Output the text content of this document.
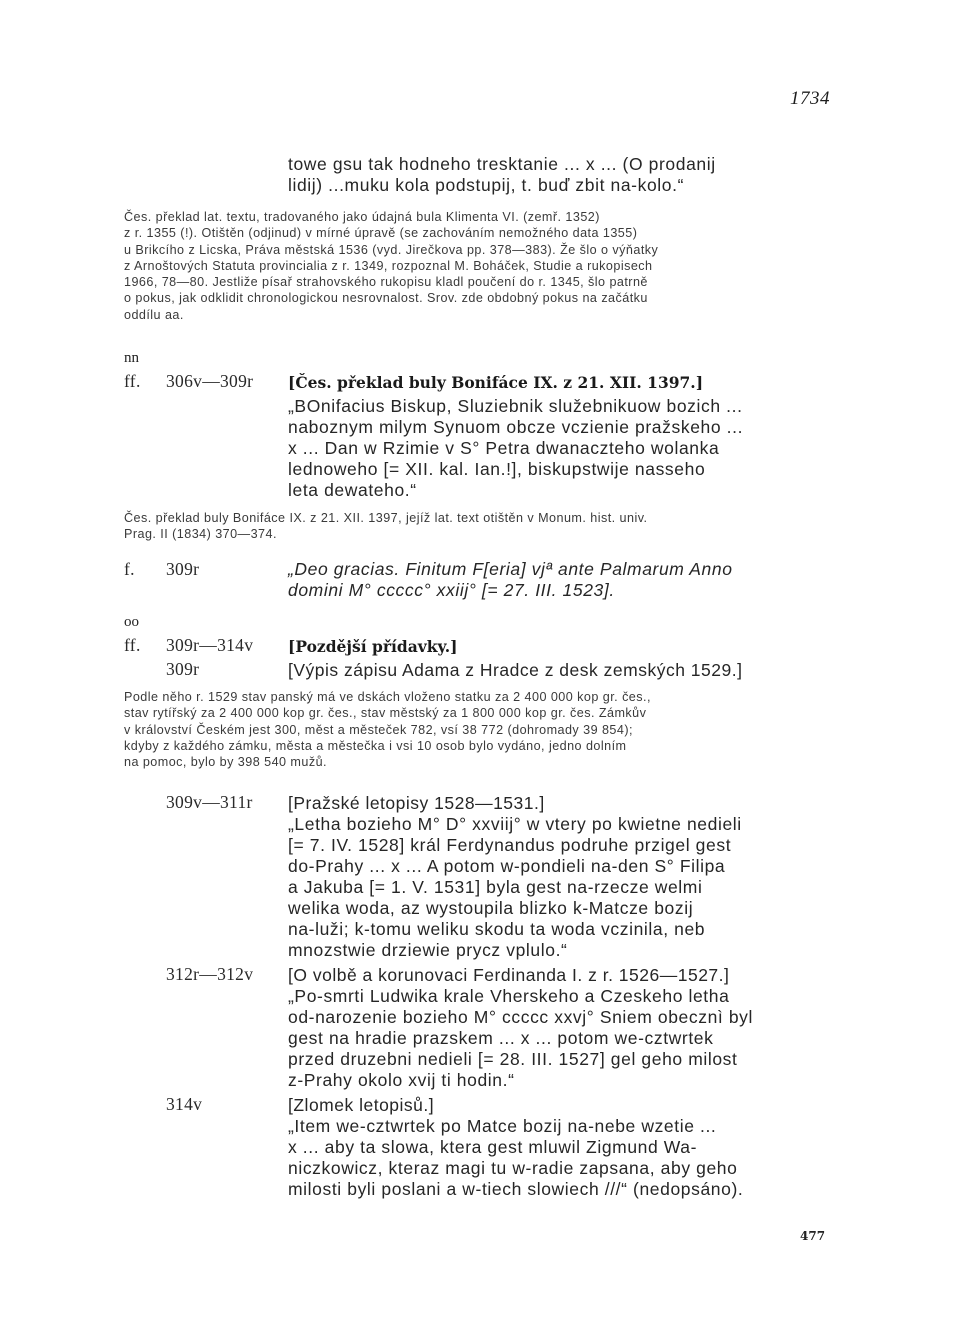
1734

towe gsu tak hodneho tresktanie ... x ... (O prodanij

lidij) ...muku kola podstupij, t. buď zbit na-kolo.“

Čes. překlad lat. textu, tradovaného jako údajná bula Klimenta VI. (zemř. 1352)

z r. 1355 (!). Otištěn (odjinud) v mírné úpravě (se zachováním nemožného data 1355)

u Brikcího z Licska, Práva městská 1536 (vyd. Jirečkova pp. 378—383). Že šlo o výňatky

z Arnoštových Statuta provincialia z r. 1349, rozpoznal M. Boháček, Studie a rukopisech

1966, 78—80. Jestliže písař strahovského rukopisu kladl poučení do r. 1345, šlo patrně

o pokus, jak odklidit chronologickou nesrovnalost. Srov. zde obdobný pokus na začátku

oddílu aa.

nn
ff. 306v—309r [Čes. překlad buly Bonifáce IX. z 21. XII. 1397.]

„BOnifacius Biskup, Sluziebnik služebnikuow bozich ...

naboznym milym Synuom obcze vczienie pražskeho ...

x ... Dan w Rzimie v S° Petra dwanaczteho wolanka

lednoweho [= XII. kal. Ian.!], biskupstwije nasseho

leta dewateho.“

Čes. překlad buly Bonifáce IX. z 21. XII. 1397, jejíž lat. text otištěn v Monum. hist. univ.

Prag. II (1834) 370—374.

f. 309r	„Deo gracias. Finitum F[eria] vjª ante Palmarum Anno

domini M° ccccc° xxiij° [= 27. III. 1523].

oo
ff. 309r—314v [Pozdější přídavky.]
309r	[Výpis zápisu Adama z Hradce z desk zemských 1529.]

Podle něho r. 1529 stav panský má ve dskách vloženo statku za 2 400 000 kop gr. čes.,

stav rytířský za 2 400 000 kop gr. čes., stav městský za 1 800 000 kop gr. čes. Zámkův

v království Českém jest 300, měst a městeček 782, vsí 38 772 (dohromady 39 854);

kdyby z každého zámku, města a městečka i vsi 10 osob bylo vydáno, jedno dolním

na pomoc, bylo by 398 540 mužů.

309v—311r [Pražské letopisy 1528—1531.]

„Letha bozieho M° D° xxviij° w vtery po kwietne nedieli

[= 7. IV. 1528] král Ferdynandus podruhe przigel gest

do-Prahy ... x ... A potom w-pondieli na-den S° Filipa

a Jakuba [= 1. V. 1531] byla gest na-rzecze welmi

welika woda, az wystoupila blizko k-Matcze bozij

na-luži; k-tomu weliku skodu ta woda vczinila, neb

mnozstwie drziewie prycz vplulo.“

312r—312v [O volbě a korunovaci Ferdinanda I. z r. 1526—1527.]

„Po-smrti Ludwika krale Vherskeho a Czeskeho letha

od-narozenie bozieho M° ccccc xxvj° Sniem obecznì byl

gest na hradie prazskem ... x ... potom we-cztwrtek

przed druzebni nedieli [= 28. III. 1527] gel geho milost

z-Prahy okolo xvij ti hodin.“

314v	[Zlomek letopisů.]

„Item we-cztwrtek po Matce bozij na-nebe wzetie ...

x ... aby ta slowa, ktera gest mluwil Zigmund Wa-

niczkowicz, kteraz magi tu w-radie zapsana, aby geho

milosti byli poslani a w-tiech slowiech ///“ (nedopsáno).

477
